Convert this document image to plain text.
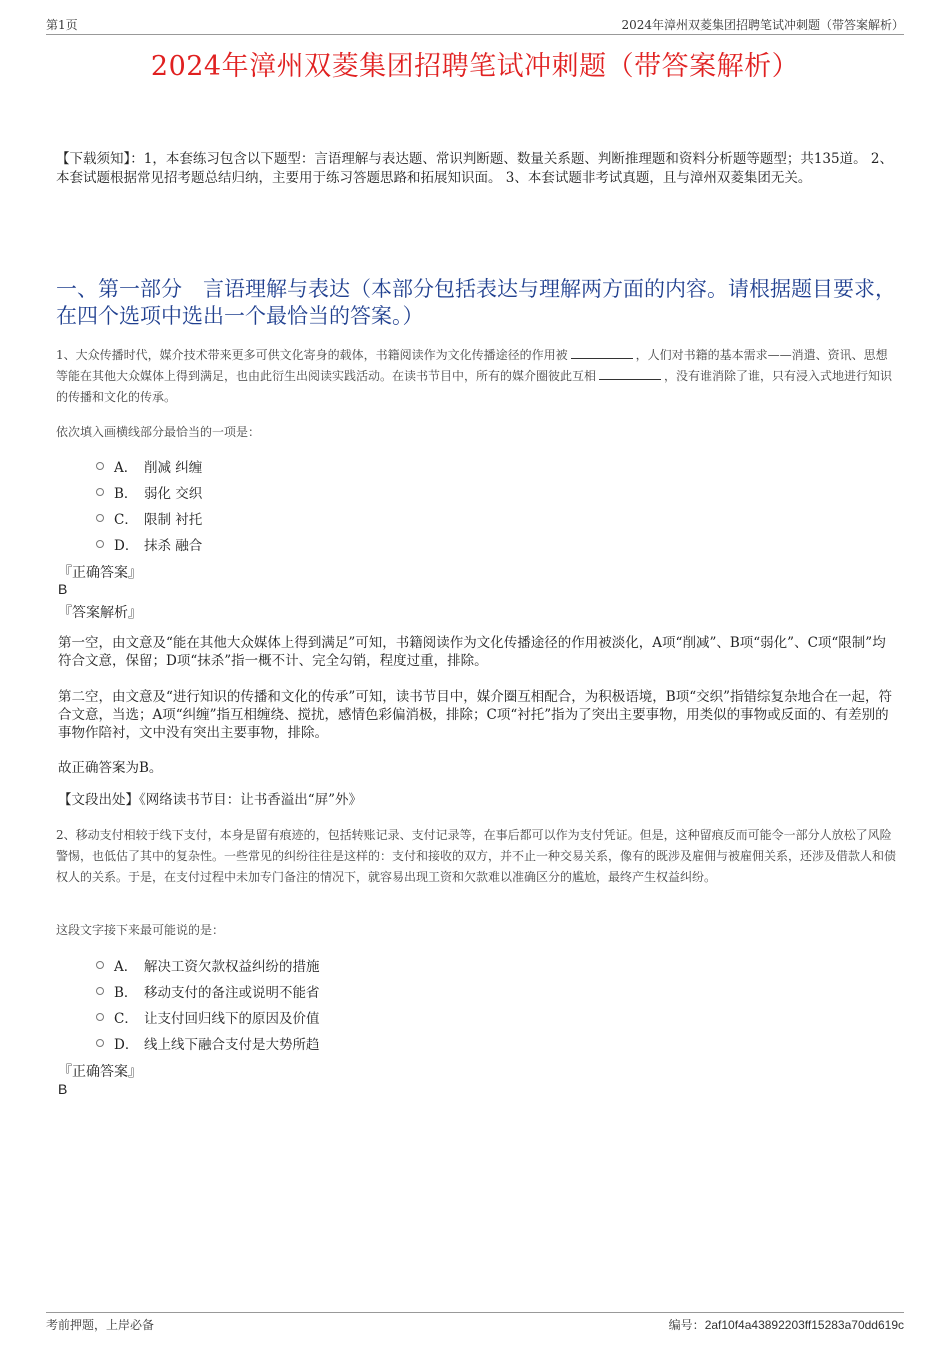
第1页	2024年漳州双菱集团招聘笔试冲刺题（带答案解析）
2024年漳州双菱集团招聘笔试冲刺题（带答案解析）
【下载须知】：1，本套练习包含以下题型：言语理解与表达题、常识判断题、数量关系题、判断推理题和资料分析题等题型；共135道。 2、本套试题根据常见招考题总结归纳，主要用于练习答题思路和拓展知识面。 3、本套试题非考试真题，且与漳州双菱集团无关。
一、第一部分　言语理解与表达（本部分包括表达与理解两方面的内容。请根据题目要求，在四个选项中选出一个最恰当的答案。）
1、大众传播时代，媒介技术带来更多可供文化寄身的载体，书籍阅读作为文化传播途径的作用被	，人们对书籍的基本需求——消遣、资讯、思想等能在其他大众媒体上得到满足，也由此衍生出阅读实践活动。在读书节目中，所有的媒介圈彼此互相	，没有谁消除了谁，只有浸入式地进行知识的传播和文化的传承。
依次填入画横线部分最恰当的一项是：
A． 削减 纠缠
B． 弱化 交织
C． 限制 衬托
D． 抹杀 融合
『正确答案』
B
『答案解析』
第一空，由文意及“能在其他大众媒体上得到满足”可知，书籍阅读作为文化传播途径的作用被淡化，A项“削减”、B项“弱化”、C项“限制”均符合文意，保留；D项“抹杀”指一概不计、完全勾销，程度过重，排除。
第二空，由文意及“进行知识的传播和文化的传承”可知，读书节目中，媒介圈互相配合，为积极语境，B项“交织”指错综复杂地合在一起，符合文意，当选；A项“纠缠”指互相缠绕、搅扰，感情色彩偏消极，排除；C项“衬托”指为了突出主要事物，用类似的事物或反面的、有差别的事物作陪衬，文中没有突出主要事物，排除。
故正确答案为B。
【文段出处】《网络读书节目：让书香溢出“屏”外》
2、移动支付相较于线下支付，本身是留有痕迹的，包括转账记录、支付记录等，在事后都可以作为支付凭证。但是，这种留痕反而可能令一部分人放松了风险警惕，也低估了其中的复杂性。一些常见的纠纷往往是这样的：支付和接收的双方，并不止一种交易关系，像有的既涉及雇佣与被雇佣关系，还涉及借款人和债权人的关系。于是，在支付过程中未加专门备注的情况下，就容易出现工资和欠款难以准确区分的尴尬，最终产生权益纠纷。
这段文字接下来最可能说的是：
A． 解决工资欠款权益纠纷的措施
B． 移动支付的备注或说明不能省
C． 让支付回归线下的原因及价值
D． 线上线下融合支付是大势所趋
『正确答案』
B
考前押题，上岸必备	编号：2af10f4a43892203ff15283a70dd619c
